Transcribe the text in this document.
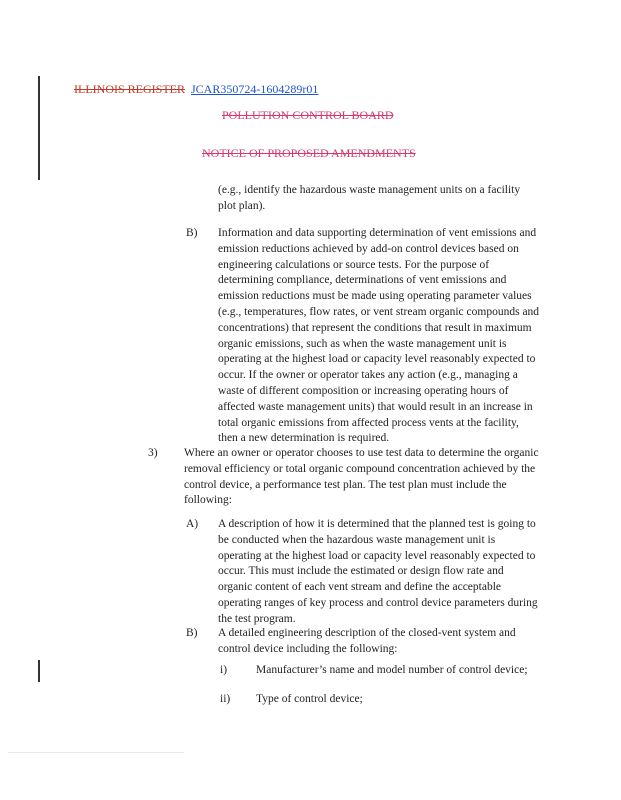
ILLINOIS REGISTER JCAR350724-1604289r01
POLLUTION CONTROL BOARD
NOTICE OF PROPOSED AMENDMENTS
(e.g., identify the hazardous waste management units on a facility plot plan).
B) Information and data supporting determination of vent emissions and emission reductions achieved by add-on control devices based on engineering calculations or source tests. For the purpose of determining compliance, determinations of vent emissions and emission reductions must be made using operating parameter values (e.g., temperatures, flow rates, or vent stream organic compounds and concentrations) that represent the conditions that result in maximum organic emissions, such as when the waste management unit is operating at the highest load or capacity level reasonably expected to occur. If the owner or operator takes any action (e.g., managing a waste of different composition or increasing operating hours of affected waste management units) that would result in an increase in total organic emissions from affected process vents at the facility, then a new determination is required.
3) Where an owner or operator chooses to use test data to determine the organic removal efficiency or total organic compound concentration achieved by the control device, a performance test plan. The test plan must include the following:
A) A description of how it is determined that the planned test is going to be conducted when the hazardous waste management unit is operating at the highest load or capacity level reasonably expected to occur. This must include the estimated or design flow rate and organic content of each vent stream and define the acceptable operating ranges of key process and control device parameters during the test program.
B) A detailed engineering description of the closed-vent system and control device including the following:
i)	Manufacturer’s name and model number of control device;
ii) Type of control device;
